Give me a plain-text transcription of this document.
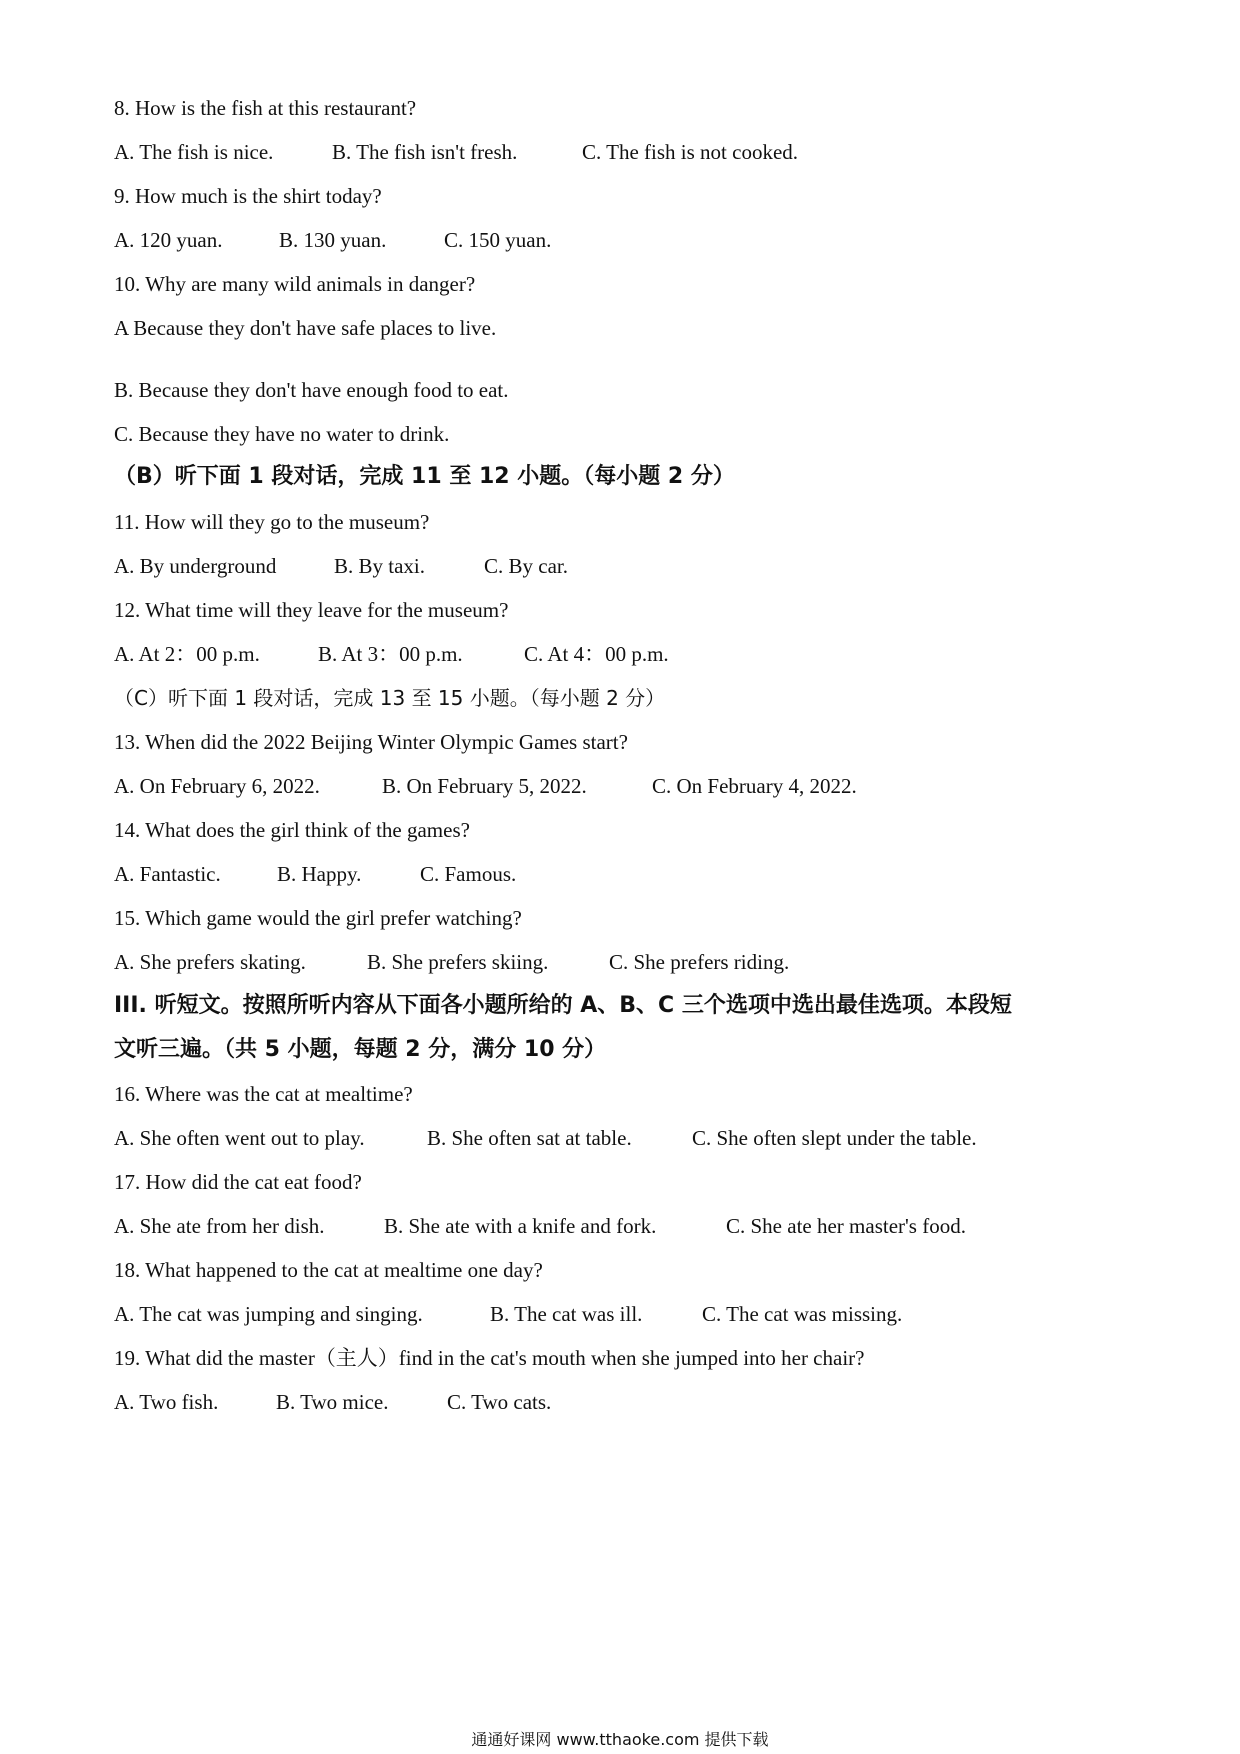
8. How is the fish at this restaurant?
A. The fish is nice.	B. The fish isn't fresh.	C. The fish is not cooked.
9. How much is the shirt today?
A. 120 yuan.	B. 130 yuan.	C. 150 yuan.
10. Why are many wild animals in danger?
A Because they don't have safe places to live.
B. Because they don't have enough food to eat.
C. Because they have no water to drink.
（B）听下面 1 段对话，完成 11 至 12 小题。（每小题 2 分）
11. How will they go to the museum?
A. By underground	B. By taxi.	C. By car.
12. What time will they leave for the museum?
A. At 2：00 p.m.	B. At 3：00 p.m.	C. At 4：00 p.m.
（C）听下面 1 段对话，完成 13 至 15 小题。（每小题 2 分）
13. When did the 2022 Beijing Winter Olympic Games start?
A. On February 6, 2022.	B. On February 5, 2022.	C. On February 4, 2022.
14. What does the girl think of the games?
A. Fantastic.	B. Happy.	C. Famous.
15. Which game would the girl prefer watching?
A. She prefers skating.	B. She prefers skiing.	C. She prefers riding.
III. 听短文。按照所听内容从下面各小题所给的 A、B、C 三个选项中选出最佳选项。本段短
文听三遍。（共 5 小题，每题 2 分，满分 10 分）
16. Where was the cat at mealtime?
A. She often went out to play.	B. She often sat at table.	C. She often slept under the table.
17. How did the cat eat food?
A. She ate from her dish.	B. She ate with a knife and fork.	C. She ate her master's food.
18. What happened to the cat at mealtime one day?
A. The cat was jumping and singing.	B. The cat was ill.	C. The cat was missing.
19. What did the master（主人）find in the cat's mouth when she jumped into her chair?
A. Two fish.	B. Two mice.	C. Two cats.
通通好课网 www.tthaoke.com 提供下载
